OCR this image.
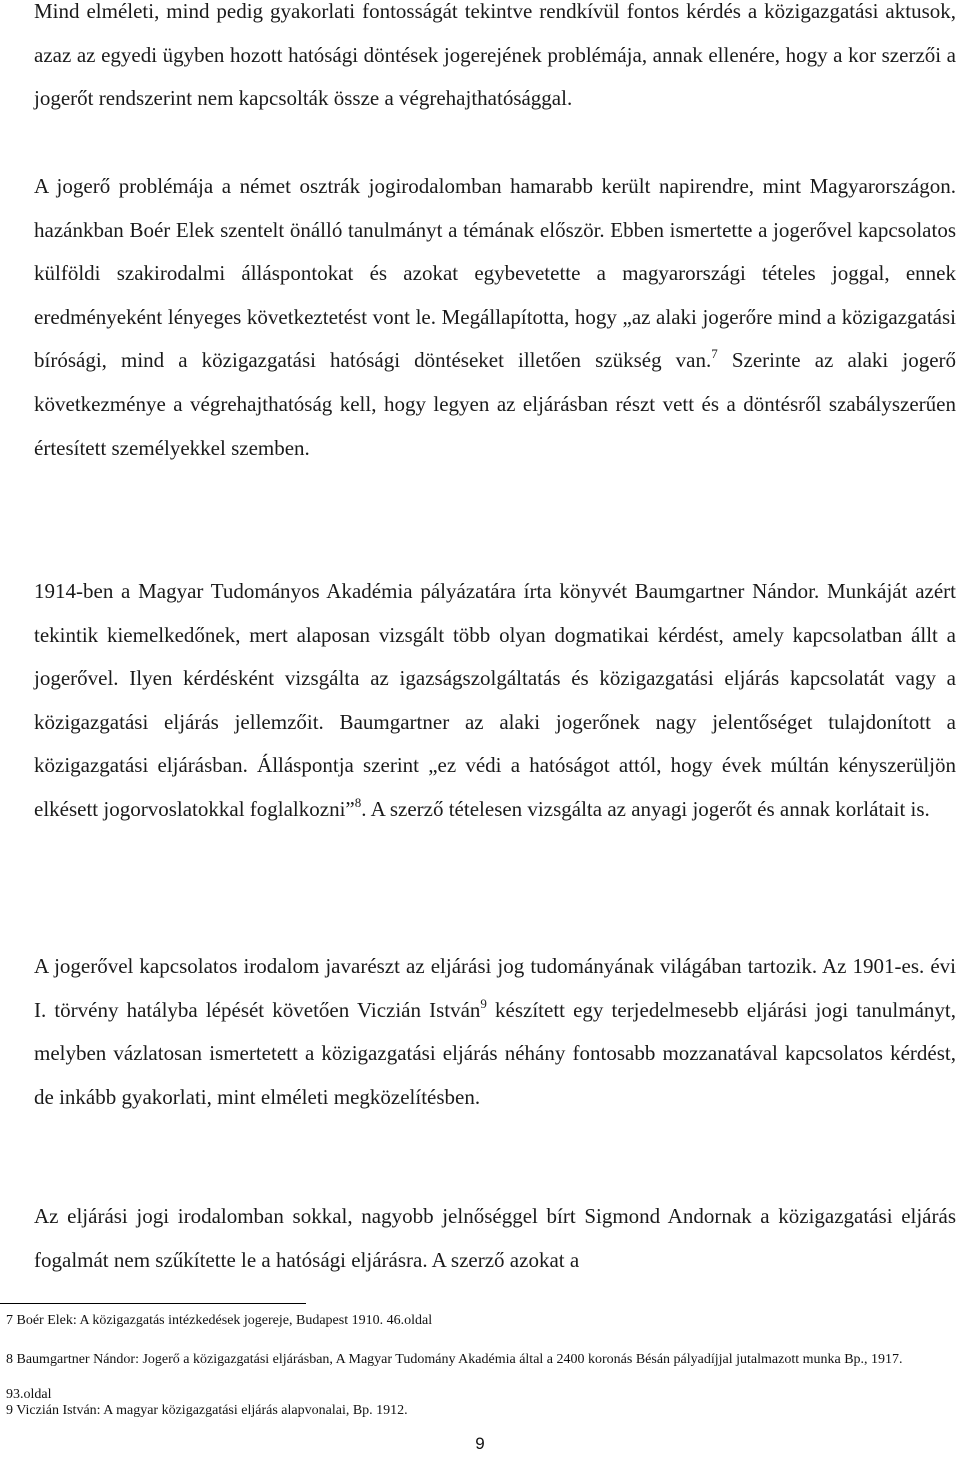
Mind elméleti, mind pedig gyakorlati fontosságát tekintve rendkívül fontos kérdés a közigazgatási aktusok, azaz az egyedi ügyben hozott hatósági döntések jogerejének problémája, annak ellenére, hogy a kor szerzői a jogerőt rendszerint nem kapcsolták össze a végrehajthatósággal.

A jogerő problémája a német osztrák jogirodalomban hamarabb került napirendre, mint Magyarországon. hazánkban Boér Elek szentelt önálló tanulmányt a témának először. Ebben ismertette a jogerővel kapcsolatos külföldi szakirodalmi álláspontokat és azokat egybevetette a magyarországi tételes joggal, ennek eredményeként lényeges következtetést vont le. Megállapította, hogy „az alaki jogerőre mind a közigazgatási bírósági, mind a közigazgatási hatósági döntéseket illetően szükség van.$^7$ Szerinte az alaki jogerő következménye a végrehajthatóság kell, hogy legyen az eljárásban részt vett és a döntésről szabályszerűen értesített személyekkel szemben.

1914-ben a Magyar Tudományos Akadémia pályázatára írta könyvét Baumgartner Nándor. Munkáját azért tekintik kiemelkedőnek, mert alaposan vizsgált több olyan dogmatikai kérdést, amely kapcsolatban állt a jogerővel. Ilyen kérdésként vizsgálta az igazságszolgáltatás és közigazgatási eljárás kapcsolatát vagy a közigazgatási eljárás jellemzőit. Baumgartner az alaki jogerőnek nagy jelentőséget tulajdonított a közigazgatási eljárásban. Álláspontja szerint „ez védi a hatóságot attól, hogy évek múltán kényszerüljön elkésett jogorvoslatokkal foglalkozni”$^8$. A szerző tételesen vizsgálta az anyagi jogerőt és annak korlátait is.

A jogerővel kapcsolatos irodalom javarészt az eljárási jog tudományának világában tartozik. Az 1901-es. évi I. törvény hatályba lépését követően Viczián István$^9$ készített egy terjedelmesebb eljárási jogi tanulmányt, melyben vázlatosan ismertetett a közigazgatási eljárás néhány fontosabb mozzanatával kapcsolatos kérdést, de inkább gyakorlati, mint elméleti megközelítésben.

Az eljárási jogi irodalomban sokkal, nagyobb jelnőséggel bírt Sigmond Andornak a közigazgatási eljárás fogalmát nem szűkítette le a hatósági eljárásra. A szerző azokat a

7 Boér Elek: A közigazgatás intézkedések jogereje, Budapest 1910. 46.oldal

8 Baumgartner Nándor: Jogerő a közigazgatási eljárásban, A Magyar Tudomány Akadémia által a 2400 koronás Bésán pályadíjjal jutalmazott munka Bp., 1917. 93.oldal

9 Viczián István: A magyar közigazgatási eljárás alapvonalai, Bp. 1912.

9
